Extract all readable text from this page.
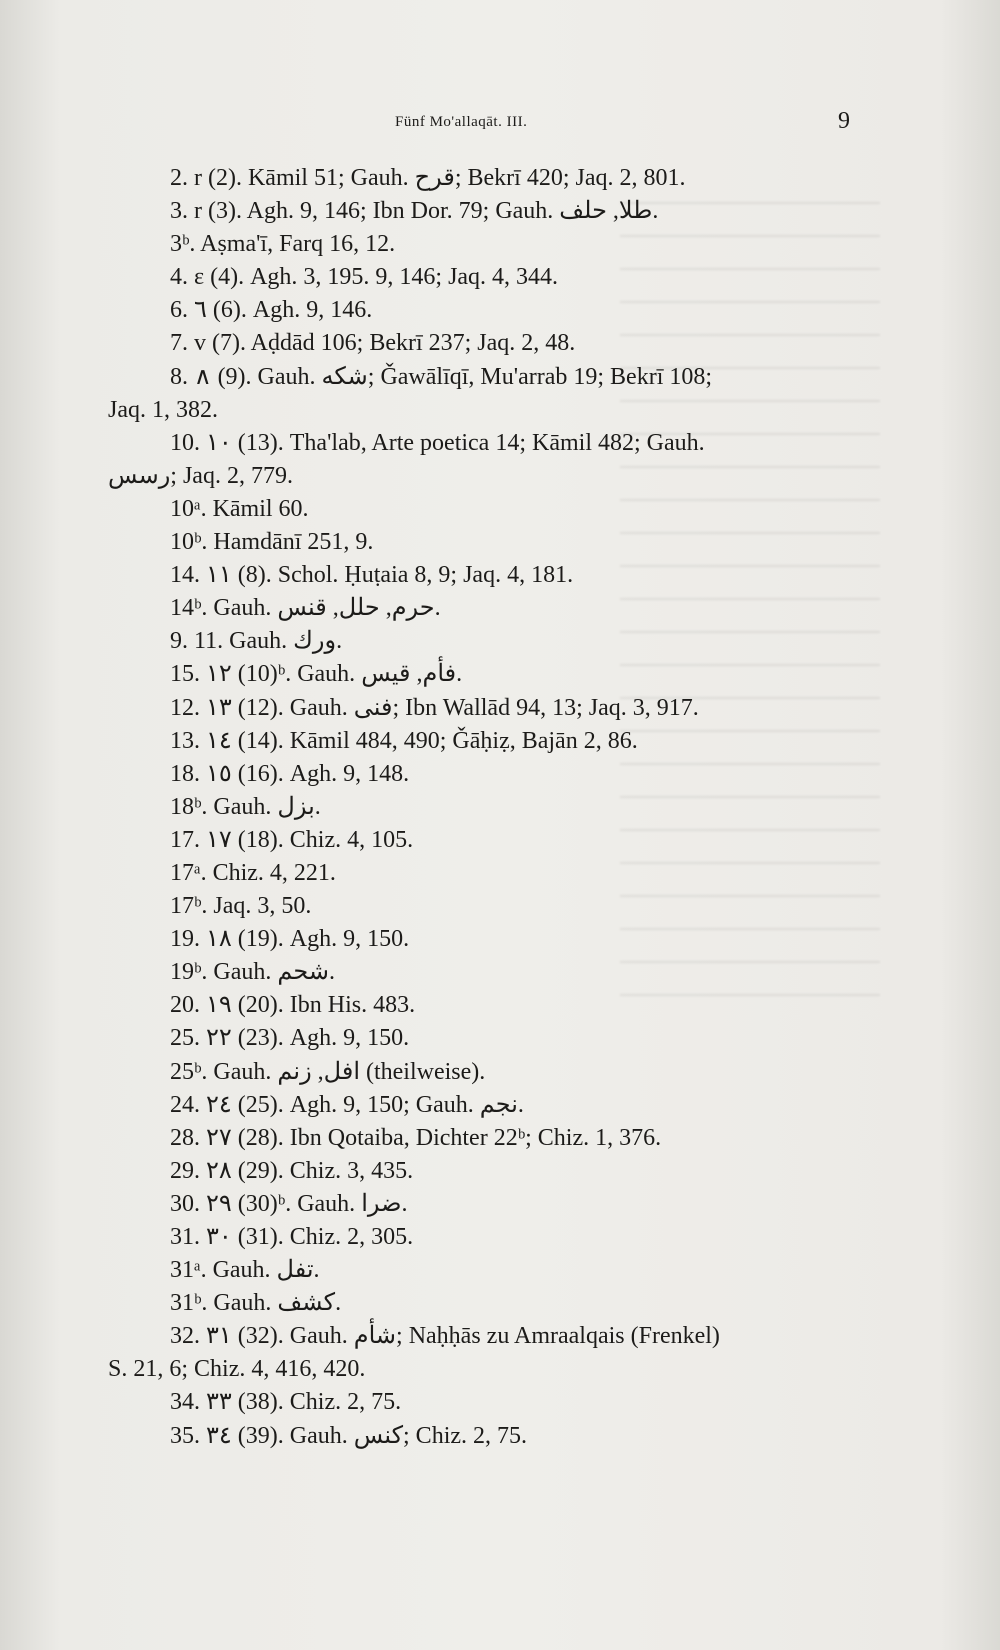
Fünf Mo'allaqāt. III.	9
2. r (2). Kāmil 51; Gauh. قرح; Bekrī 420; Jaq. 2, 801.
3. r (3). Agh. 9, 146; Ibn Dor. 79; Gauh. طلا, حلف.
3ᵇ. Aṣma'ī, Farq 16, 12.
4. ε (4). Agh. 3, 195. 9, 146; Jaq. 4, 344.
6. ٦ (6). Agh. 9, 146.
7. v (7). Aḍdād 106; Bekrī 237; Jaq. 2, 48.
8. ∧ (9). Gauh. شكه; Ǧawālīqī, Mu'arrab 19; Bekrī 108;
Jaq. 1, 382.
10. ١٠ (13). Tha'lab, Arte poetica 14; Kāmil 482; Gauh.
رسس; Jaq. 2, 779.
10ᵃ. Kāmil 60.
10ᵇ. Hamdānī 251, 9.
14. ١١ (8). Schol. Ḥuṭaia 8, 9; Jaq. 4, 181.
14ᵇ. Gauh. حرم, حلل, قنس.
9. 11. Gauh. ورك.
15. ١٢ (10)ᵇ. Gauh. فأم, قيس.
12. ١٣ (12). Gauh. فنى; Ibn Wallād 94, 13; Jaq. 3, 917.
13. ١٤ (14). Kāmil 484, 490; Ǧāḥiẓ, Bajān 2, 86.
18. ١٥ (16). Agh. 9, 148.
18ᵇ. Gauh. بزل.
17. ١٧ (18). Chiz. 4, 105.
17ᵃ. Chiz. 4, 221.
17ᵇ. Jaq. 3, 50.
19. ١٨ (19). Agh. 9, 150.
19ᵇ. Gauh. شحم.
20. ١٩ (20). Ibn His. 483.
25. ٢٢ (23). Agh. 9, 150.
25ᵇ. Gauh. افل, زنم (theilweise).
24. ٢٤ (25). Agh. 9, 150; Gauh. نجم.
28. ٢٧ (28). Ibn Qotaiba, Dichter 22ᵇ; Chiz. 1, 376.
29. ٢٨ (29). Chiz. 3, 435.
30. ٢٩ (30)ᵇ. Gauh. ضرا.
31. ٣٠ (31). Chiz. 2, 305.
31ᵃ. Gauh. تفل.
31ᵇ. Gauh. كشف.
32. ٣١ (32). Gauh. شأم; Naḥḥās zu Amraalqais (Frenkel)
S. 21, 6; Chiz. 4, 416, 420.
34. ٣٣ (38). Chiz. 2, 75.
35. ٣٤ (39). Gauh. كنس; Chiz. 2, 75.
